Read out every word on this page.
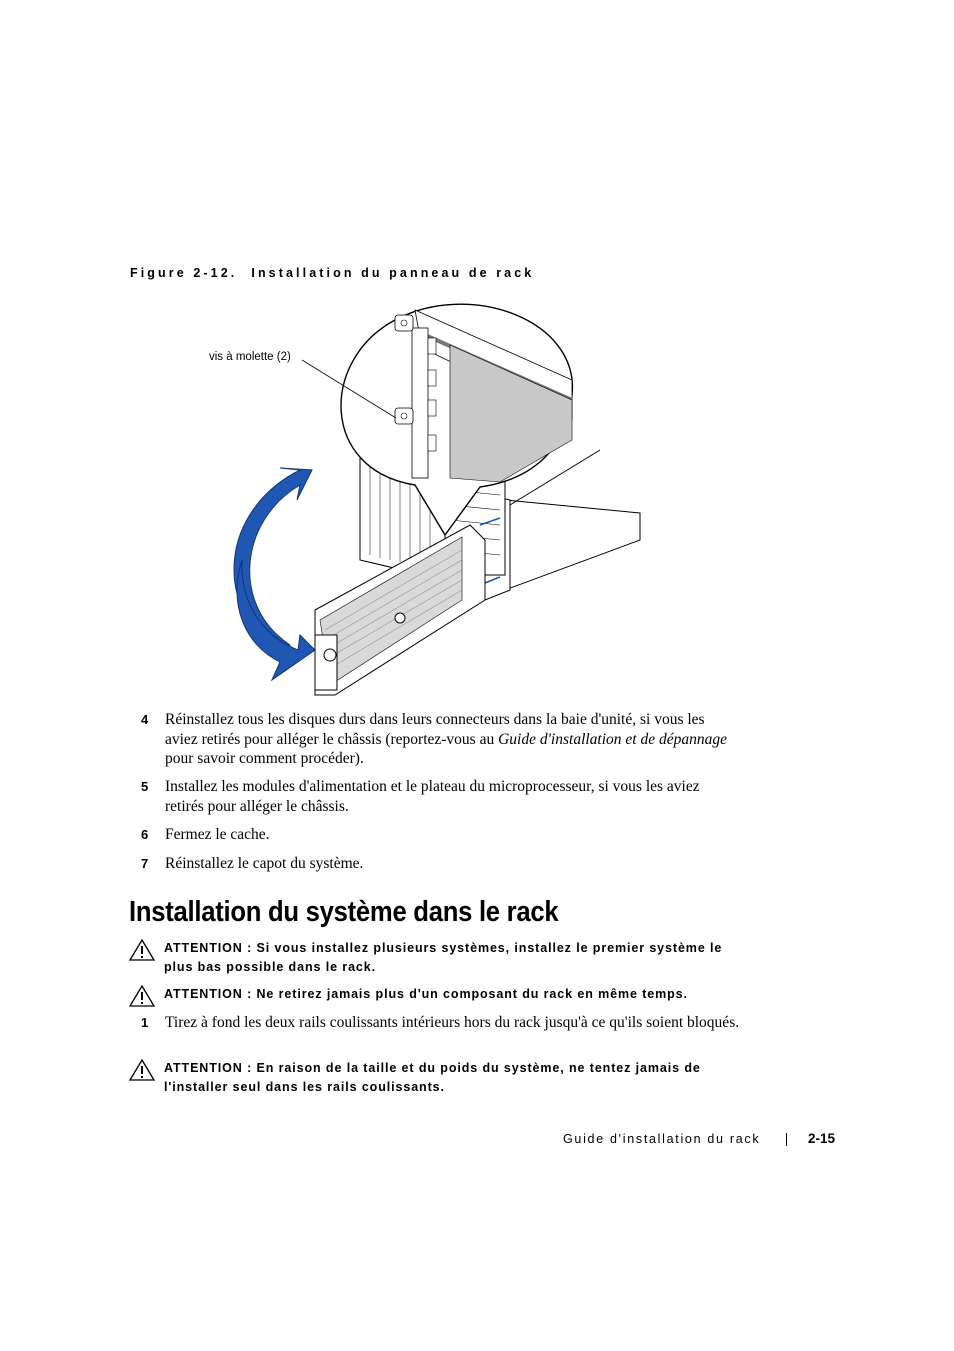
Figure 2-12. Installation du panneau de rack
vis à molette (2)
4 Réinstallez tous les disques durs dans leurs connecteurs dans la baie d'unité, si vous les aviez retirés pour alléger le châssis (reportez-vous au Guide d'installation et de dépannage pour savoir comment procéder).
5 Installez les modules d'alimentation et le plateau du microprocesseur, si vous les aviez retirés pour alléger le châssis.
6 Fermez le cache.
7 Réinstallez le capot du système.
Installation du système dans le rack
ATTENTION : Si vous installez plusieurs systèmes, installez le premier système le plus bas possible dans le rack.
ATTENTION : Ne retirez jamais plus d'un composant du rack en même temps.
1 Tirez à fond les deux rails coulissants intérieurs hors du rack jusqu'à ce qu'ils soient bloqués.
ATTENTION : En raison de la taille et du poids du système, ne tentez jamais de l'installer seul dans les rails coulissants.
Guide d'installation du rack	2-15
